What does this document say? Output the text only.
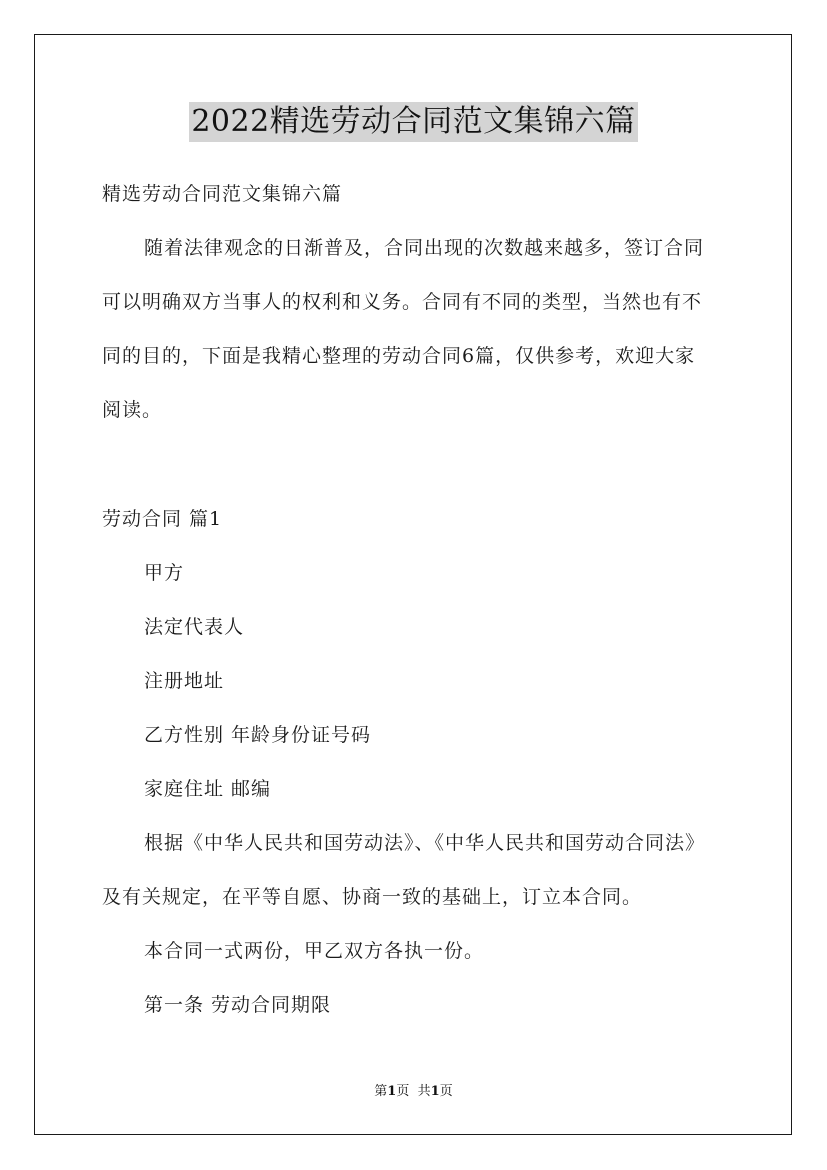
2022精选劳动合同范文集锦六篇
精选劳动合同范文集锦六篇
随着法律观念的日渐普及，合同出现的次数越来越多，签订合同
可以明确双方当事人的权利和义务。合同有不同的类型，当然也有不
同的目的，下面是我精心整理的劳动合同6篇，仅供参考，欢迎大家
阅读。
劳动合同 篇1
甲方
法定代表人
注册地址
乙方性别 年龄身份证号码
家庭住址 邮编
根据《中华人民共和国劳动法》、《中华人民共和国劳动合同法》
及有关规定，在平等自愿、协商一致的基础上，订立本合同。
本合同一式两份，甲乙双方各执一份。
第一条 劳动合同期限
第1页 共1页
